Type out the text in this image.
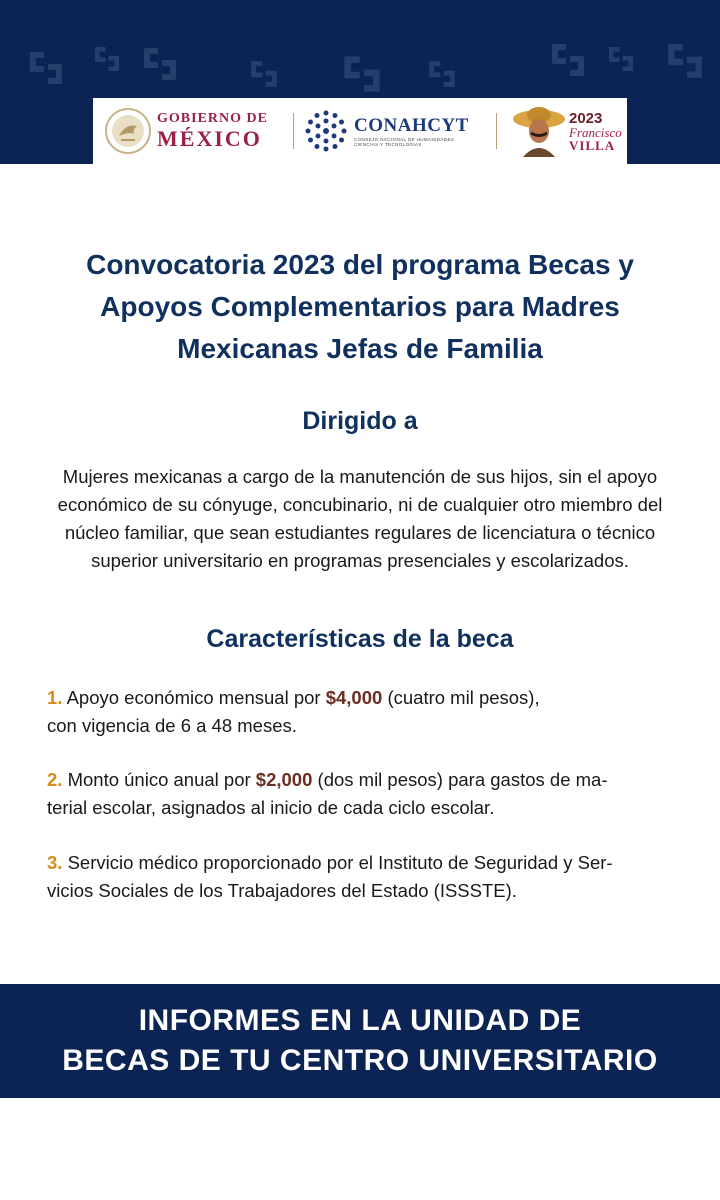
GOBIERNO DE
MÉXICO
CONAHCYT
CONSEJO NACIONAL DE HUMANIDADES CIENCIAS Y TECNOLOGÍAS
2023
Francisco
VILLA
Convocatoria 2023 del programa Becas y
Apoyos Complementarios para Madres
Mexicanas Jefas de Familia
Dirigido a
Mujeres mexicanas a cargo de la manutención de sus hijos, sin el apoyo
económico de su cónyuge, concubinario, ni de cualquier otro miembro del
núcleo familiar, que sean estudiantes regulares de licenciatura o técnico
superior universitario en programas presenciales y escolarizados.
Características de la beca
1. Apoyo económico mensual por $4,000 (cuatro mil pesos),
con vigencia de 6 a 48 meses.
2. Monto único anual por $2,000 (dos mil pesos) para gastos de ma-
terial escolar, asignados al inicio de cada ciclo escolar.
3. Servicio médico proporcionado por el Instituto de Seguridad y Ser-
vicios Sociales de los Trabajadores del Estado (ISSSTE).
INFORMES EN LA UNIDAD DE
BECAS DE TU CENTRO UNIVERSITARIO
